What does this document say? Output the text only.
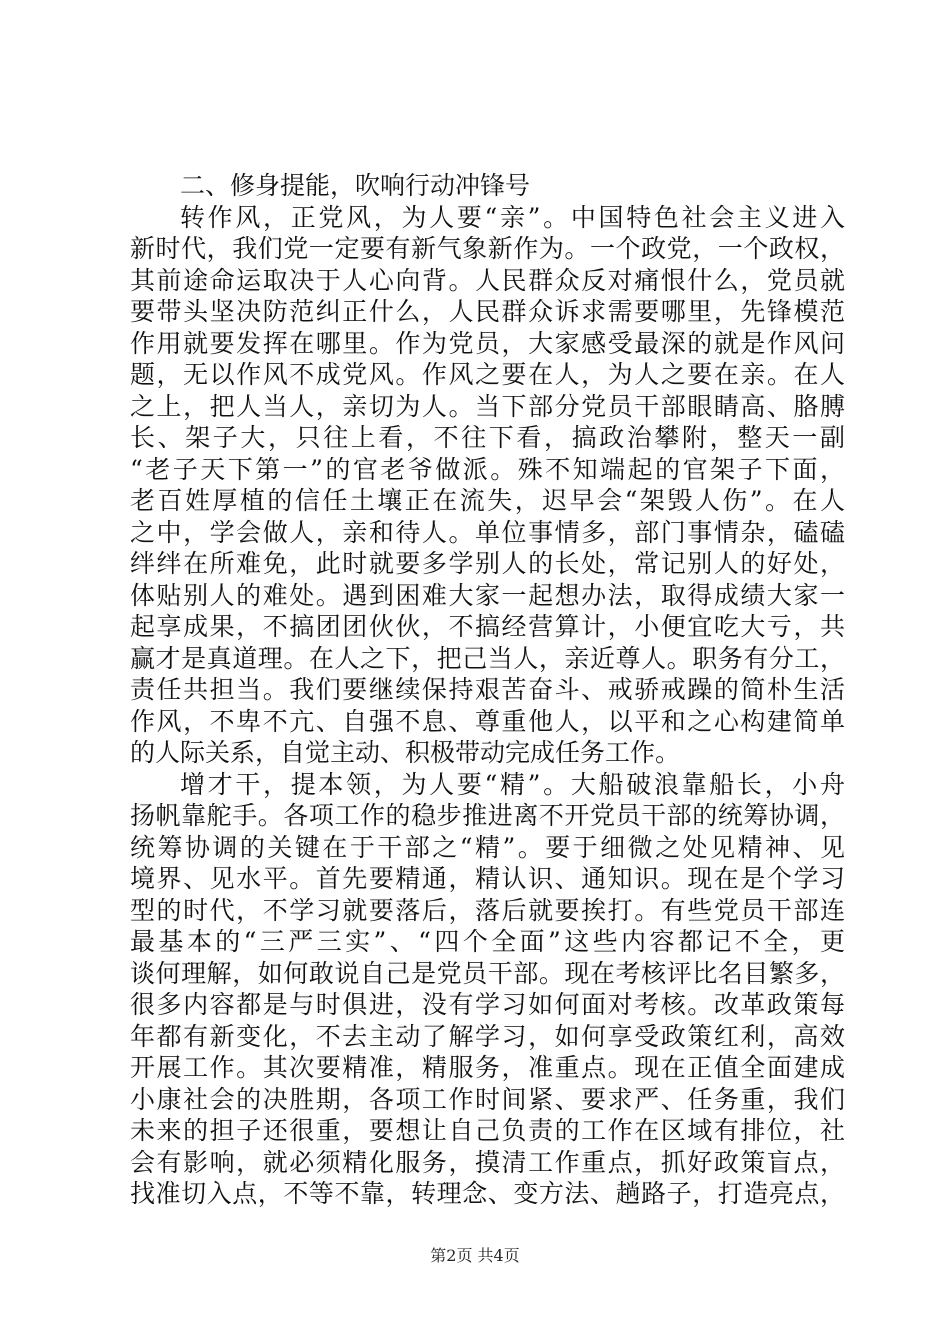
二、修身提能，吹响行动冲锋号
转作风，正党风，为人要“亲”。中国特色社会主义进入
新时代，我们党一定要有新气象新作为。一个政党，一个政权，
其前途命运取决于人心向背。人民群众反对痛恨什么，党员就
要带头坚决防范纠正什么，人民群众诉求需要哪里，先锋模范
作用就要发挥在哪里。作为党员，大家感受最深的就是作风问
题，无以作风不成党风。作风之要在人，为人之要在亲。在人
之上，把人当人，亲切为人。当下部分党员干部眼睛高、胳膊
长、架子大，只往上看，不往下看，搞政治攀附，整天一副
“老子天下第一”的官老爷做派。殊不知端起的官架子下面，
老百姓厚植的信任土壤正在流失，迟早会“架毁人伤”。在人
之中，学会做人，亲和待人。单位事情多，部门事情杂，磕磕
绊绊在所难免，此时就要多学别人的长处，常记别人的好处，
体贴别人的难处。遇到困难大家一起想办法，取得成绩大家一
起享成果，不搞团团伙伙，不搞经营算计，小便宜吃大亏，共
赢才是真道理。在人之下，把己当人，亲近尊人。职务有分工，
责任共担当。我们要继续保持艰苦奋斗、戒骄戒躁的简朴生活
作风，不卑不亢、自强不息、尊重他人，以平和之心构建简单
的人际关系，自觉主动、积极带动完成任务工作。
增才干，提本领，为人要“精”。大船破浪靠船长，小舟
扬帆靠舵手。各项工作的稳步推进离不开党员干部的统筹协调，
统筹协调的关键在于干部之“精”。要于细微之处见精神、见
境界、见水平。首先要精通，精认识、通知识。现在是个学习
型的时代，不学习就要落后，落后就要挨打。有些党员干部连
最基本的“三严三实”、“四个全面”这些内容都记不全，更
谈何理解，如何敢说自己是党员干部。现在考核评比名目繁多，
很多内容都是与时俱进，没有学习如何面对考核。改革政策每
年都有新变化，不去主动了解学习，如何享受政策红利，高效
开展工作。其次要精准，精服务，准重点。现在正值全面建成
小康社会的决胜期，各项工作时间紧、要求严、任务重，我们
未来的担子还很重，要想让自己负责的工作在区域有排位，社
会有影响，就必须精化服务，摸清工作重点，抓好政策盲点，
找准切入点，不等不靠，转理念、变方法、趟路子，打造亮点，
第2页 共4页
